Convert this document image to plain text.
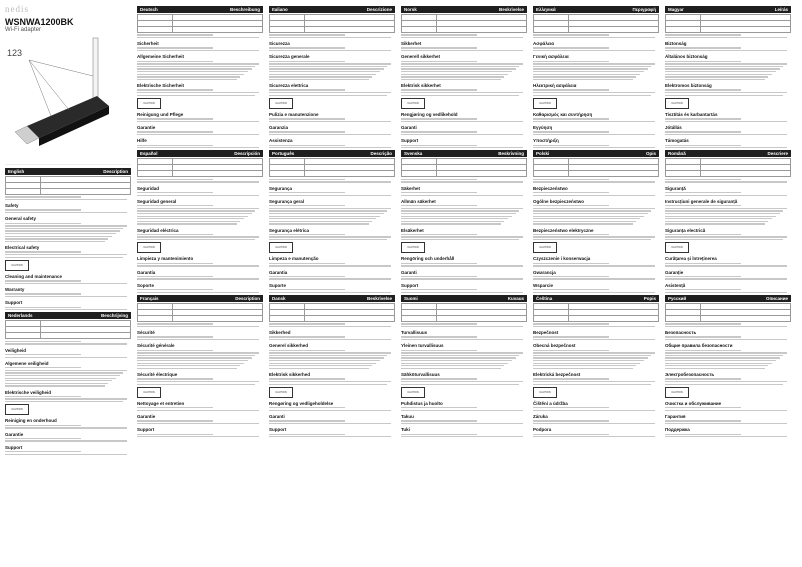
nedis
WSNWA1200BK
Wi-Fi adapter
123
English	Description

Safety
General safety
Electrical safety
CAUTION
Cleaning and maintenance
Warranty
Support
Nederlands	Beschrijving

Veiligheid
Algemene veiligheid
Elektrische veiligheid
CAUTION
Reiniging en onderhoud
Garantie
Support
Deutsch	Beschreibung

Sicherheit
Allgemeine Sicherheit
Elektrische Sicherheit
CAUTION
Reinigung und Pflege
Garantie
Hilfe
Español	Descripción

Seguridad
Seguridad general
Seguridad eléctrica
CAUTION
Limpieza y mantenimiento
Garantía
Soporte
Français	Description

Sécurité
Sécurité générale
Sécurité électrique
CAUTION
Nettoyage et entretien
Garantie
Support
Italiano	Descrizione

Sicurezza
Sicurezza generale
Sicurezza elettrica
CAUTION
Pulizia e manutenzione
Garanzia
Assistenza
Português	Descrição

Segurança
Segurança geral
Segurança elétrica
CAUTION
Limpeza e manutenção
Garantia
Suporte
Dansk	Beskrivelse

Sikkerhed
Generel sikkerhed
Elektrisk sikkerhed
CAUTION
Rengøring og vedligeholdelse
Garanti
Support
Norsk	Beskrivelse

Sikkerhet
Generell sikkerhet
Elektrisk sikkerhet
CAUTION
Rengjøring og vedlikehold
Garanti
Support
Svenska	Beskrivning

Säkerhet
Allmän säkerhet
Elsäkerhet
CAUTION
Rengöring och underhåll
Garanti
Support
Suomi	Kuvaus

Turvallisuus
Yleinen turvallisuus
Sähköturvallisuus
CAUTION
Puhdistus ja huolto
Takuu
Tuki
Ελληνικά	Περιγραφή

Ασφάλεια
Γενική ασφάλεια
Ηλεκτρική ασφάλεια
CAUTION
Καθαρισμός και συντήρηση
Εγγύηση
Υποστήριξη
Polski	Opis

Bezpieczeństwo
Ogólne bezpieczeństwo
Bezpieczeństwo elektryczne
CAUTION
Czyszczenie i konserwacja
Gwarancja
Wsparcie
Čeština	Popis

Bezpečnost
Obecná bezpečnost
Elektrická bezpečnost
CAUTION
Čištění a údržba
Záruka
Podpora
Magyar	Leírás

Biztonság
Általános biztonság
Elektromos biztonság
CAUTION
Tisztítás és karbantartás
Jótállás
Támogatás
Română	Descriere

Siguranță
Instrucțiuni generale de siguranță
Siguranța electrică
CAUTION
Curățarea și întreținerea
Garanție
Asistență
Русский	Описание

Безопасность
Общие правила безопасности
Электробезопасность
CAUTION
Очистка и обслуживание
Гарантия
Поддержка
